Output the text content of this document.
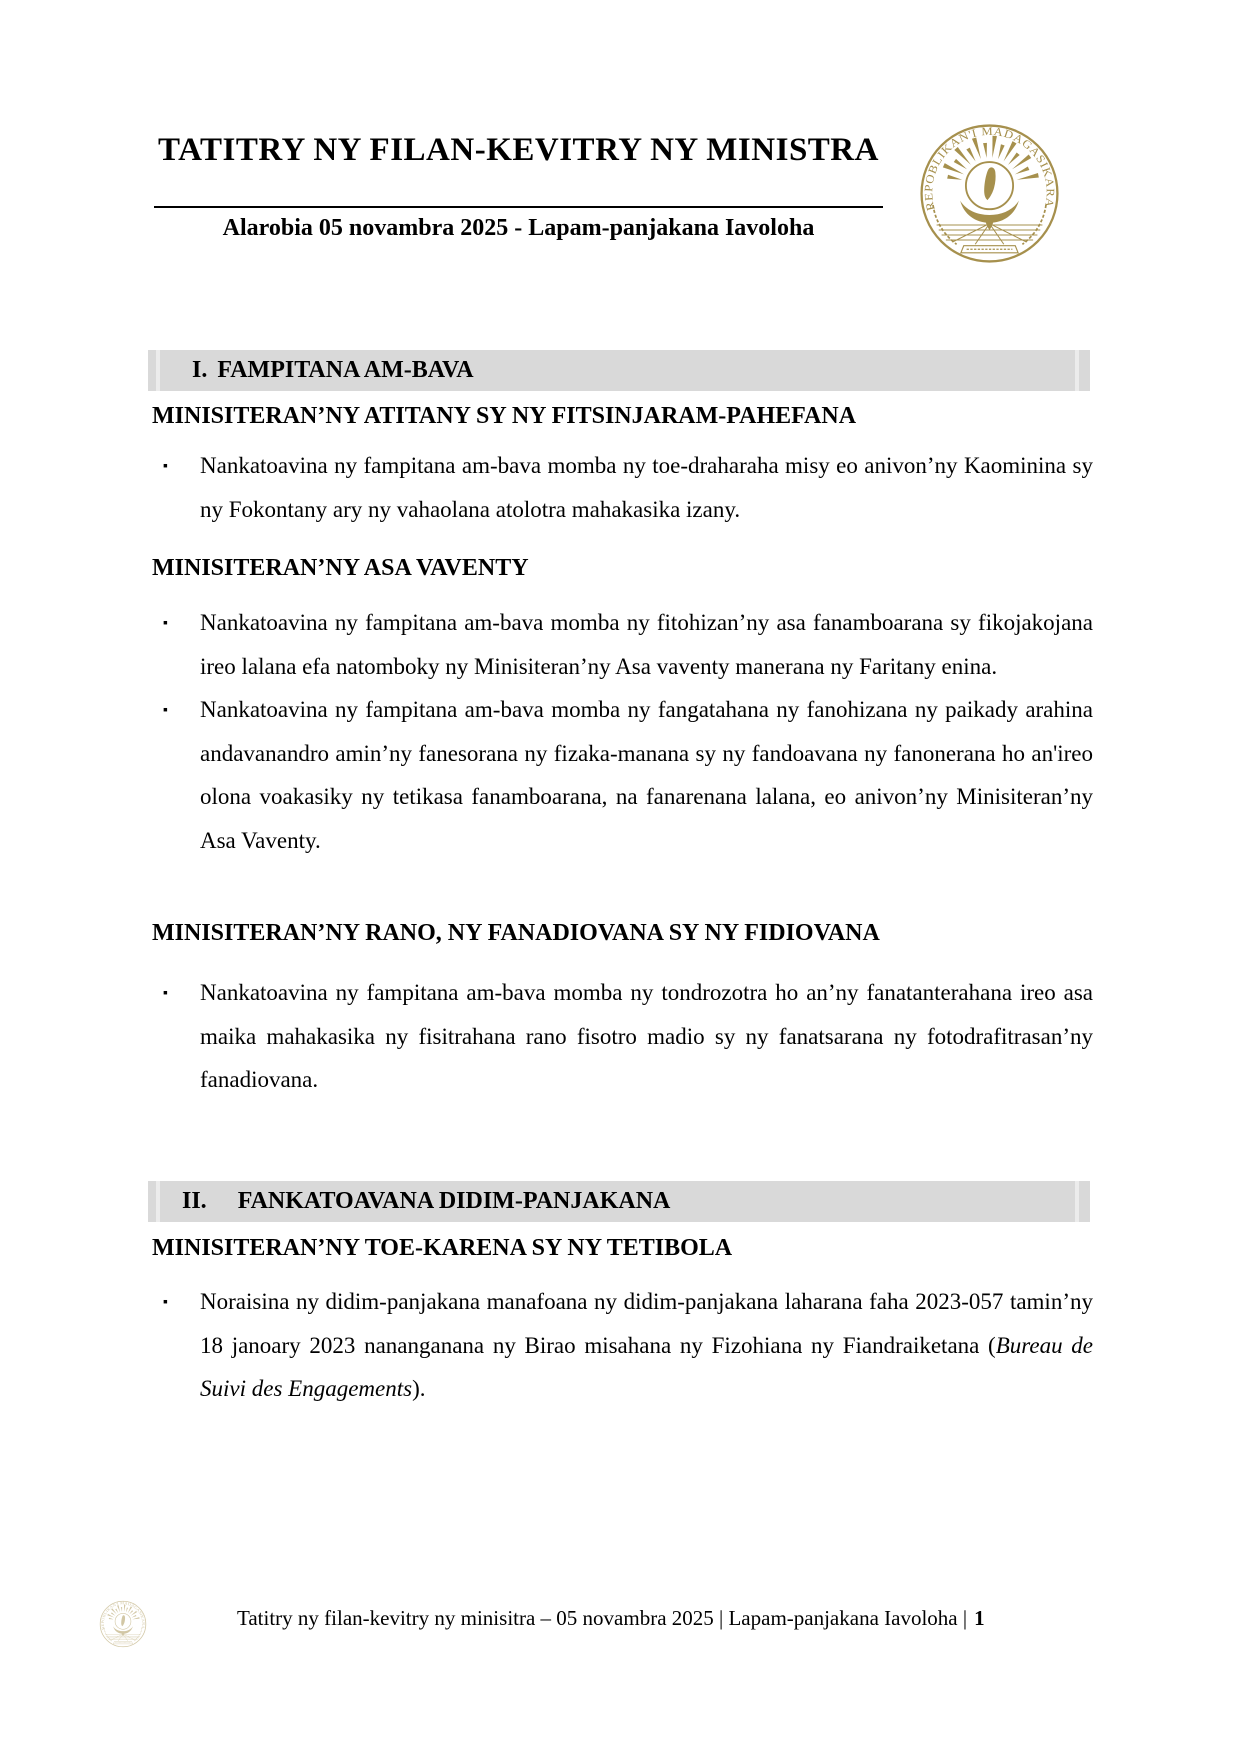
TATITRY NY FILAN-KEVITRY NY MINISTRA
Alarobia 05 novambra 2025 - Lapam-panjakana Iavoloha
I. FAMPITANA AM-BAVA
MINISITERAN’NY ATITANY SY NY FITSINJARAM-PAHEFANA
▪ Nankatoavina ny fampitana am-bava momba ny toe-draharaha misy eo anivon’ny Kaominina sy ny Fokontany ary ny vahaolana atolotra mahakasika izany.
MINISITERAN’NY ASA VAVENTY
▪ Nankatoavina ny fampitana am-bava momba ny fitohizan’ny asa fanamboarana sy fikojakojana ireo lalana efa natomboky ny Minisiteran’ny Asa vaventy manerana ny Faritany enina.
▪ Nankatoavina ny fampitana am-bava momba ny fangatahana ny fanohizana ny paikady arahina andavanandro amin’ny fanesorana ny fizaka-manana sy ny fandoavana ny fanonerana ho an'ireo olona voakasiky ny tetikasa fanamboarana, na fanarenana lalana, eo anivon’ny Minisiteran’ny Asa Vaventy.
MINISITERAN’NY RANO, NY FANADIOVANA SY NY FIDIOVANA
▪ Nankatoavina ny fampitana am-bava momba ny tondrozotra ho an’ny fanatanterahana ireo asa maika mahakasika ny fisitrahana rano fisotro madio sy ny fanatsarana ny fotodrafitrasan’ny fanadiovana.
II. FANKATOAVANA DIDIM-PANJAKANA
MINISITERAN’NY TOE-KARENA SY NY TETIBOLA
▪ Noraisina ny didim-panjakana manafoana ny didim-panjakana laharana faha 2023-057 tamin’ny 18 janoary 2023 nananganana ny Birao misahana ny Fizohiana ny Fiandraiketana (Bureau de Suivi des Engagements).
Tatitry ny filan-kevitry ny minisitra – 05 novambra 2025 | Lapam-panjakana Iavoloha | 1
